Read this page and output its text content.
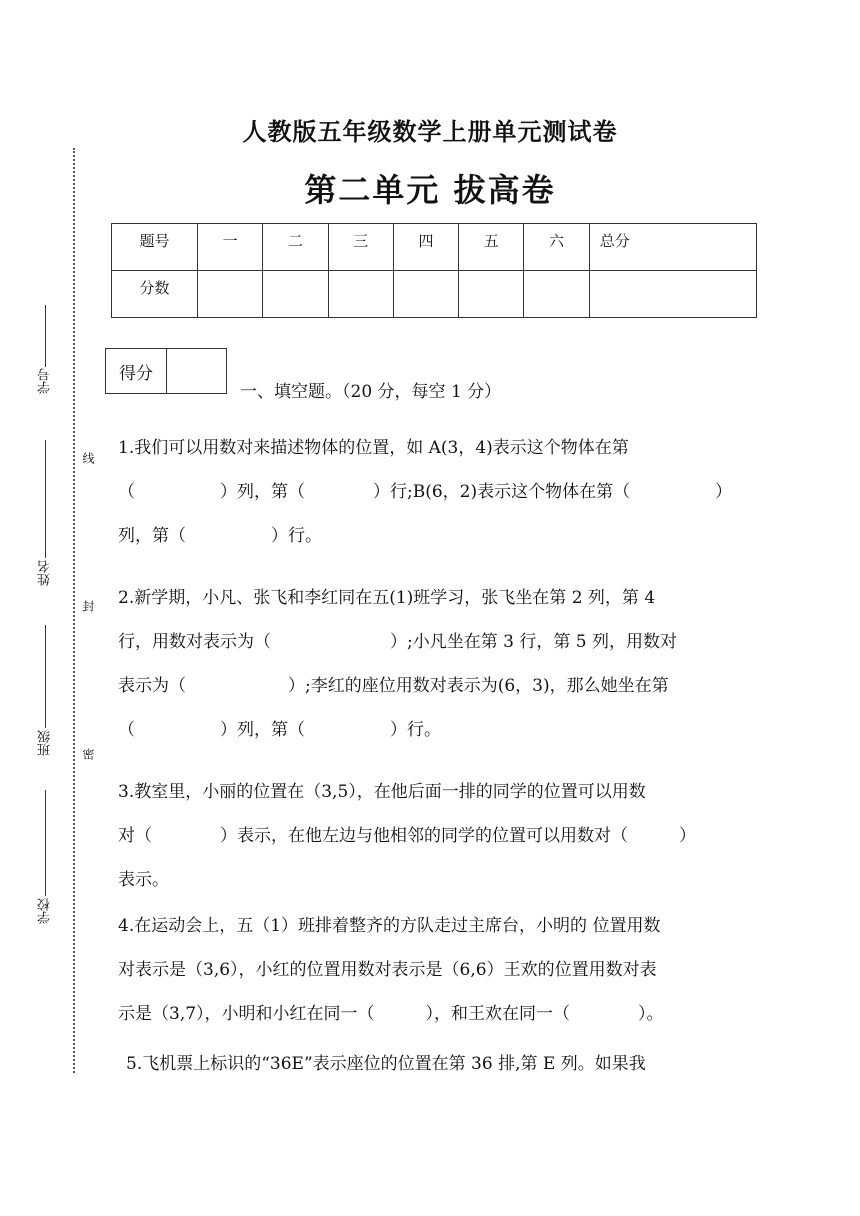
学号
姓名
班级
学校
线
封
密
人教版五年级数学上册单元测试卷
第二单元 拔高卷
题号	一	二	三	四	五	六	总分
分数							
得分
一、填空题。（20 分，每空 1 分）
1.我们可以用数对来描述物体的位置，如 A(3，4)表示这个物体在第
（　　　　　）列，第（　　　　）行;B(6，2)表示这个物体在第（　　　　　）
列，第（　　　　　）行。
2.新学期，小凡、张飞和李红同在五(1)班学习，张飞坐在第 2 列，第 4
行，用数对表示为（　　　　　　　）;小凡坐在第 3 行，第 5 列，用数对
表示为（　　　　　　）;李红的座位用数对表示为(6，3)，那么她坐在第
（　　　　　）列，第（　　　　　）行。
3.教室里，小丽的位置在（3,5），在他后面一排的同学的位置可以用数
对（　　　　）表示，在他左边与他相邻的同学的位置可以用数对（　　　）
表示。
4.在运动会上，五（1）班排着整齐的方队走过主席台，小明的 位置用数
对表示是（3,6），小红的位置用数对表示是（6,6）王欢的位置用数对表
示是（3,7），小明和小红在同一（　　　），和王欢在同一（　　　　）。
5.飞机票上标识的“36E”表示座位的位置在第 36 排,第 E 列。如果我
